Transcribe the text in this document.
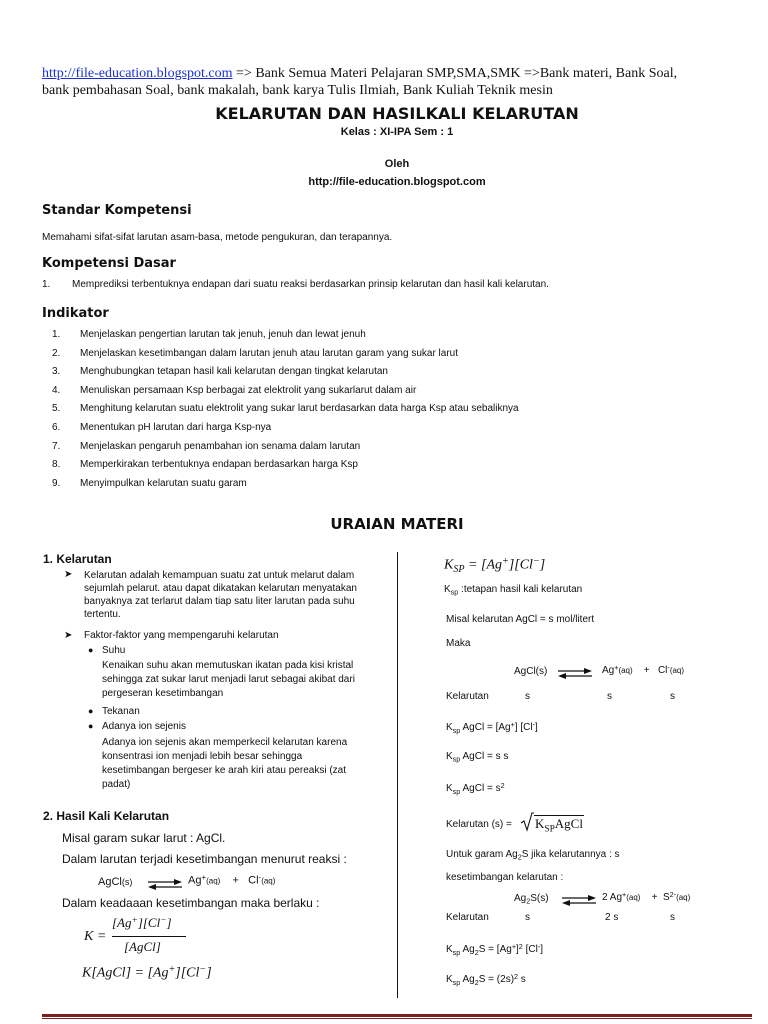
http://file-education.blogspot.com => Bank Semua Materi Pelajaran SMP,SMA,SMK =>Bank materi, Bank Soal,
bank pembahasan Soal, bank makalah, bank karya Tulis Ilmiah, Bank Kuliah Teknik mesin
KELARUTAN DAN HASILKALI KELARUTAN
Kelas : XI-IPA Sem : 1
Oleh
http://file-education.blogspot.com
Standar Kompetensi
Memahami sifat-sifat larutan asam-basa, metode pengukuran, dan terapannya.
Kompetensi Dasar
1. Memprediksi terbentuknya endapan dari suatu reaksi berdasarkan prinsip kelarutan dan hasil kali kelarutan.
Indikator
1. Menjelaskan pengertian larutan tak jenuh, jenuh dan lewat jenuh
2. Menjelaskan kesetimbangan dalam larutan jenuh atau larutan garam yang sukar larut
3. Menghubungkan tetapan hasil kali kelarutan dengan tingkat kelarutan
4. Menuliskan persamaan Ksp berbagai zat elektrolit yang sukarlarut dalam air
5. Menghitung kelarutan suatu elektrolit yang sukar larut berdasarkan data harga Ksp atau sebaliknya
6. Menentukan pH larutan dari harga Ksp-nya
7. Menjelaskan pengaruh penambahan ion senama dalam larutan
8. Memperkirakan terbentuknya endapan berdasarkan harga Ksp
9. Menyimpulkan kelarutan suatu garam
URAIAN MATERI
1. Kelarutan
➤ Kelarutan adalah kemampuan suatu zat untuk melarut dalam
sejumlah pelarut. atau dapat dikatakan kelarutan menyatakan
banyaknya zat terlarut dalam tiap satu liter larutan pada suhu
tertentu.
➤ Faktor-faktor yang mempengaruhi kelarutan
● Suhu
Kenaikan suhu akan memutuskan ikatan pada kisi kristal
sehingga zat sukar larut menjadi larut sebagai akibat dari
pergeseran kesetimbangan
● Tekanan
● Adanya ion sejenis
Adanya ion sejenis akan memperkecil kelarutan karena
konsentrasi ion menjadi lebih besar sehingga
kesetimbangan bergeser ke arah kiri atau pereaksi (zat
padat)
2. Hasil Kali Kelarutan
Misal garam sukar larut : AgCl.
Dalam larutan terjadi kesetimbangan menurut reaksi :
AgCl(s) ⇌ Ag+(aq)    +   Cl-(aq)
Dalam keadaaan kesetimbangan maka berlaku :
K =
[Ag+][Cl−]
[AgCl]
K[AgCl] = [Ag+][Cl−]
$K_{SP} = [Ag^+][Cl^-]$
$K_{sp}$ :tetapan hasil kali kelarutan
Misal kelarutan AgCl = s mol/litert
Maka
AgCl(s) ⇌ Ag+(aq)    +   Cl-(aq)
Kelarutan	s	s	s
$K_{sp}$ AgCl = [Ag+] [Cl-]
$K_{sp}$ AgCl = s s
$K_{sp}$ AgCl = $s^2$
Kelarutan (s) =	$K_{SP}AgCl$
Untuk garam $Ag_2S$ jika kelarutannya : s
kesetimbangan kelarutan :
$Ag_2S(s)$ ⇌ 2 Ag+(aq)    +  $S^{2-}(aq)$
Kelarutan	s	2 s	s
$K_{sp}$ $Ag_2S = [Ag^+]^2$ [Cl-]
$K_{sp}$ $Ag_2S = (2s)^2$ s
